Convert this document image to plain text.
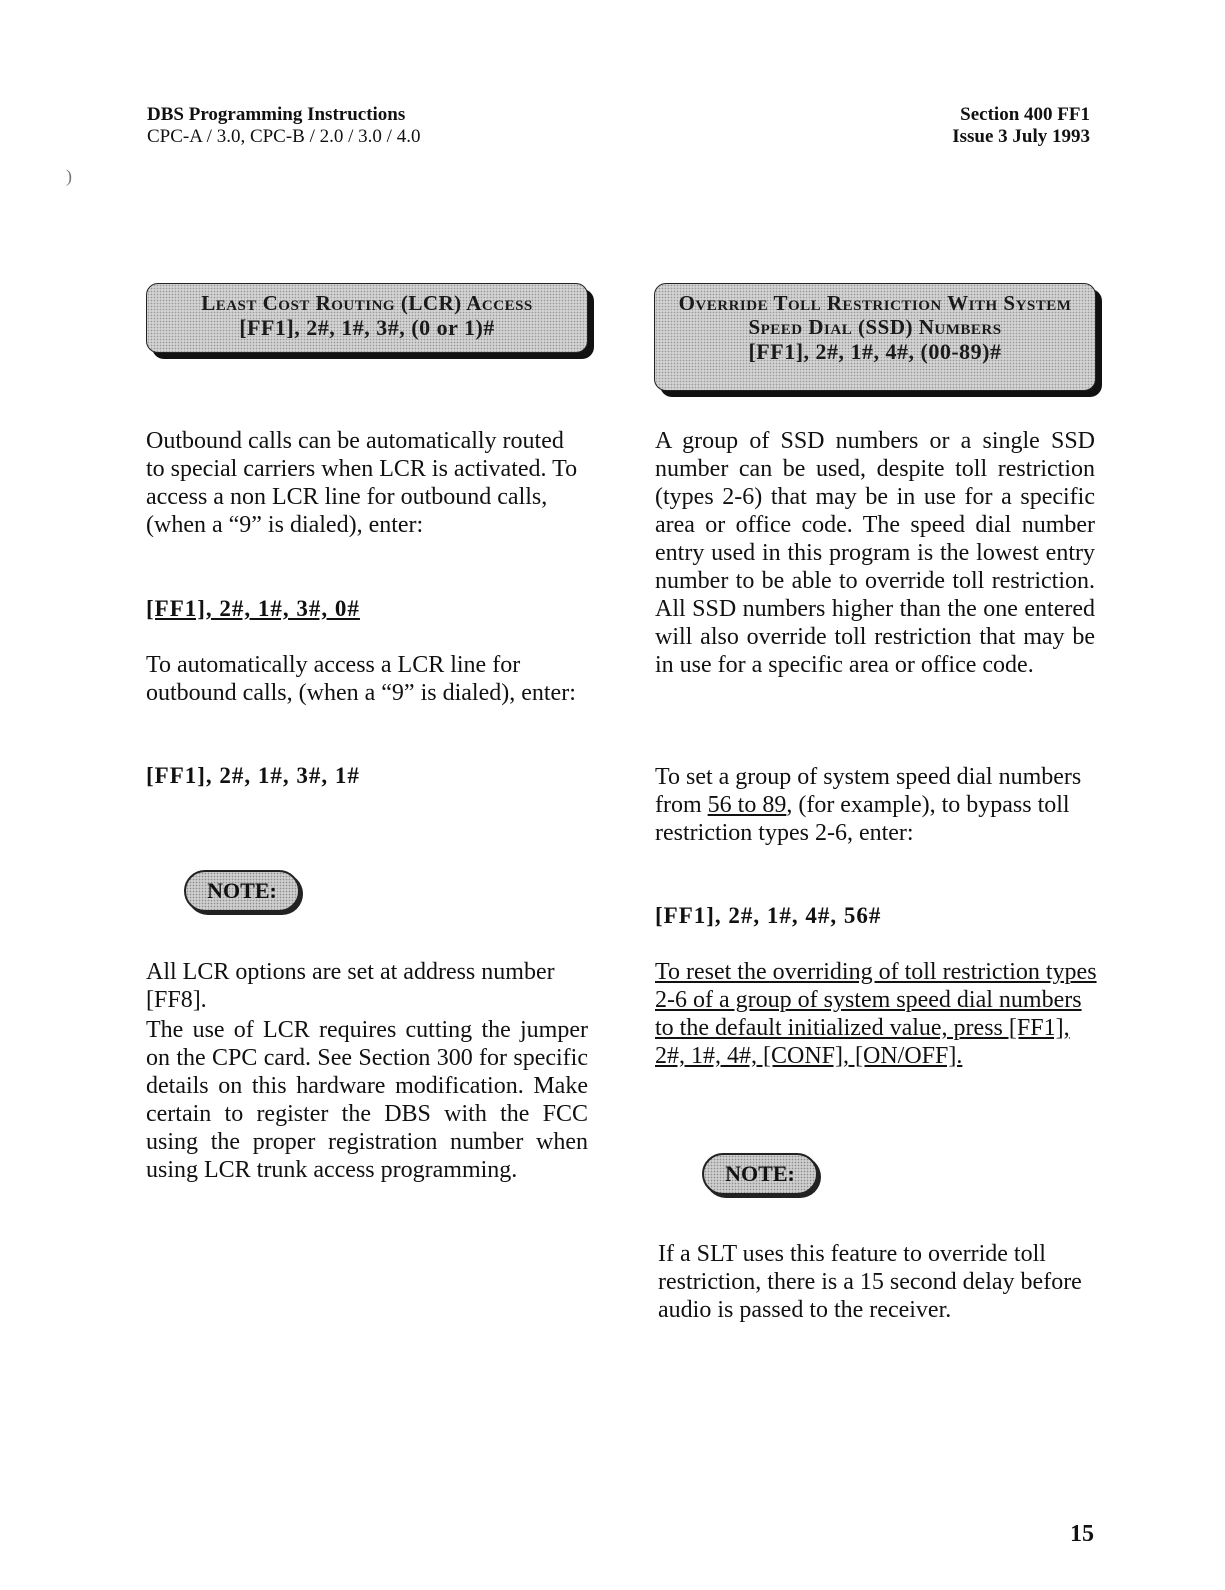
DBS Programming Instructions
CPC-A / 3.0, CPC-B / 2.0 / 3.0 / 4.0
Section 400 FF1
Issue 3 July 1993
Least Cost Routing (LCR) Access
[FF1], 2#, 1#, 3#, (0 or 1)#
Override Toll Restriction With System
Speed Dial (SSD) Numbers
[FF1], 2#, 1#, 4#, (00-89)#
Outbound calls can be automatically routed to special carriers when LCR is activated. To access a non LCR line for outbound calls, (when a “9” is dialed), enter:
[FF1], 2#, 1#, 3#, 0#
To automatically access a LCR line for outbound calls, (when a “9” is dialed), enter:
[FF1], 2#, 1#, 3#, 1#
NOTE:
All LCR options are set at address number [FF8].
The use of LCR requires cutting the jumper on the CPC card. See Section 300 for specific details on this hardware modification. Make certain to register the DBS with the FCC using the proper registration number when using LCR trunk access programming.
A group of SSD numbers or a single SSD number can be used, despite toll restriction (types 2-6) that may be in use for a specific area or office code. The speed dial number entry used in this program is the lowest entry number to be able to override toll restriction. All SSD numbers higher than the one entered will also override toll restriction that may be in use for a specific area or office code.
To set a group of system speed dial numbers from 56 to 89, (for example), to bypass toll restriction types 2-6, enter:
[FF1], 2#, 1#, 4#, 56#
To reset the overriding of toll restriction types 2-6 of a group of system speed dial numbers to the default initialized value, press [FF1], 2#, 1#, 4#, [CONF], [ON/OFF].
NOTE:
If a SLT uses this feature to override toll restriction, there is a 15 second delay before audio is passed to the receiver.
15
)
